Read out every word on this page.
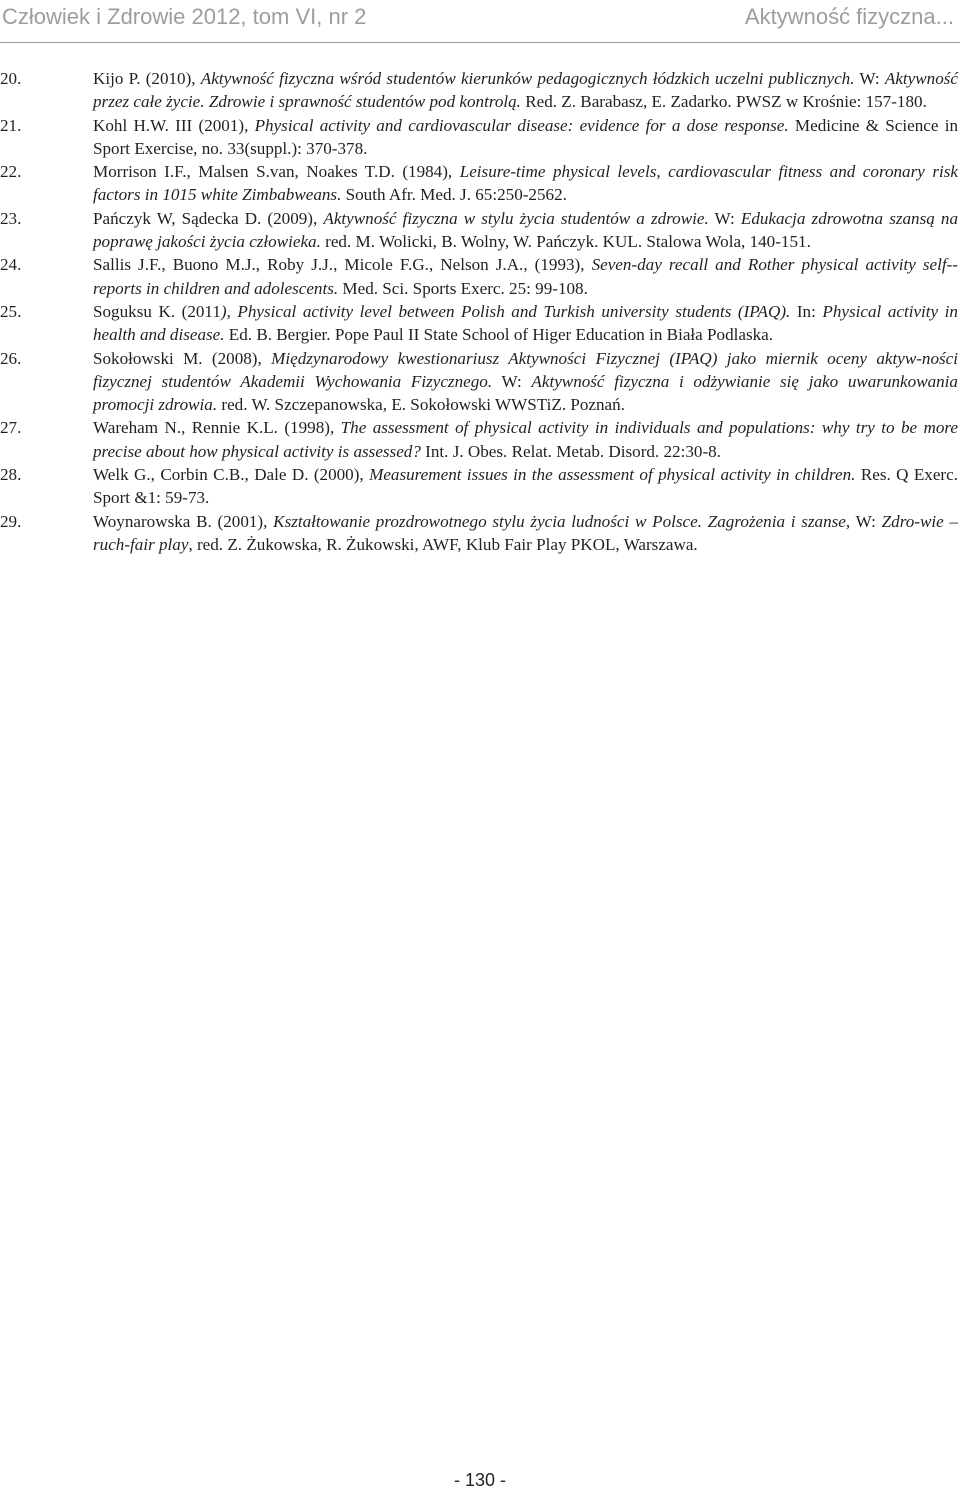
Człowiek i Zdrowie 2012, tom VI, nr 2	Aktywność fizyczna...
20.	Kijo P. (2010), Aktywność fizyczna wśród studentów kierunków pedagogicznych łódzkich uczelni publicznych. W: Aktywność przez całe życie. Zdrowie i sprawność studentów pod kontrolą. Red. Z. Barabasz, E. Zadarko. PWSZ w Krośnie: 157-180.
21.	Kohl H.W. III (2001), Physical activity and cardiovascular disease: evidence for a dose response. Medicine & Science in Sport Exercise, no. 33(suppl.): 370-378.
22.	Morrison I.F., Malsen S.van, Noakes T.D. (1984), Leisure-time physical levels, cardiovascular fitness and coronary risk factors in 1015 white Zimbabweans. South Afr. Med. J. 65:250-2562.
23.	Pańczyk W, Sądecka D. (2009), Aktywność fizyczna w stylu życia studentów a zdrowie. W: Edukacja zdrowotna szansą na poprawę jakości życia człowieka. red. M. Wolicki, B. Wolny, W. Pańczyk. KUL. Stalowa Wola, 140-151.
24.	Sallis J.F., Buono M.J., Roby J.J., Micole F.G., Nelson J.A., (1993), Seven-day recall and Rother physical activity self--reports in children and adolescents. Med. Sci. Sports Exerc. 25: 99-108.
25.	Soguksu K. (2011), Physical activity level between Polish and Turkish university students (IPAQ). In: Physical activity in health and disease. Ed. B. Bergier. Pope Paul II State School of Higer Education in Biała Podlaska.
26.	Sokołowski M. (2008), Międzynarodowy kwestionariusz Aktywności Fizycznej (IPAQ) jako miernik oceny aktyw-ności fizycznej studentów Akademii Wychowania Fizycznego. W: Aktywność fizyczna i odżywianie się jako uwarunkowania promocji zdrowia. red. W. Szczepanowska, E. Sokołowski WWSTiZ. Poznań.
27.	Wareham N., Rennie K.L. (1998), The assessment of physical activity in individuals and populations: why try to be more precise about how physical activity is assessed? Int. J. Obes. Relat. Metab. Disord. 22:30-8.
28.	Welk G., Corbin C.B., Dale D. (2000), Measurement issues in the assessment of physical activity in children. Res. Q Exerc. Sport &1: 59-73.
29.	Woynarowska B. (2001), Kształtowanie prozdrowotnego stylu życia ludności w Polsce. Zagrożenia i szanse, W: Zdro-wie –ruch-fair play, red. Z. Żukowska, R. Żukowski, AWF, Klub Fair Play PKOL, Warszawa.
- 130 -
